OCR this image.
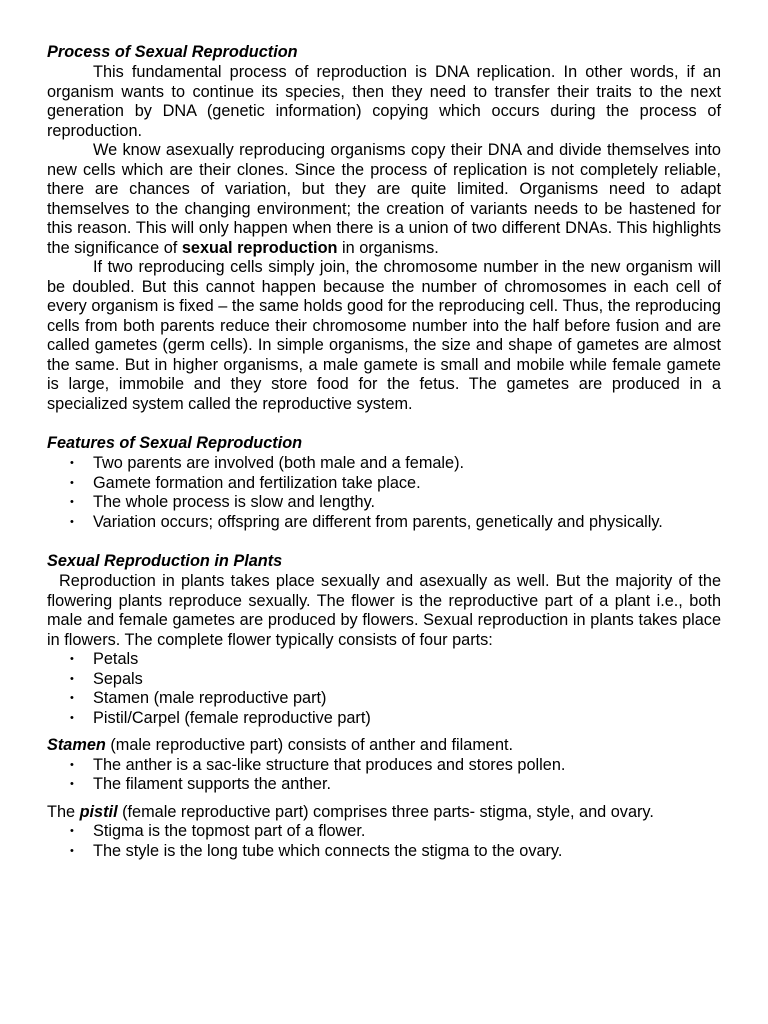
Process of Sexual Reproduction

This fundamental process of reproduction is DNA replication. In other words, if an organism wants to continue its species, then they need to transfer their traits to the next generation by DNA (genetic information) copying which occurs during the process of reproduction.

We know asexually reproducing organisms copy their DNA and divide themselves into new cells which are their clones. Since the process of replication is not completely reliable, there are chances of variation, but they are quite limited. Organisms need to adapt themselves to the changing environment; the creation of variants needs to be hastened for this reason. This will only happen when there is a union of two different DNAs. This highlights the significance of sexual reproduction in organisms.

If two reproducing cells simply join, the chromosome number in the new organism will be doubled. But this cannot happen because the number of chromosomes in each cell of every organism is fixed – the same holds good for the reproducing cell. Thus, the reproducing cells from both parents reduce their chromosome number into the half before fusion and are called gametes (germ cells). In simple organisms, the size and shape of gametes are almost the same. But in higher organisms, a male gamete is small and mobile while female gamete is large, immobile and they store food for the fetus. The gametes are produced in a specialized system called the reproductive system.

Features of Sexual Reproduction
• Two parents are involved (both male and a female).
• Gamete formation and fertilization take place.
• The whole process is slow and lengthy.
• Variation occurs; offspring are different from parents, genetically and physically.
Sexual Reproduction in Plants

Reproduction in plants takes place sexually and asexually as well. But the majority of the flowering plants reproduce sexually. The flower is the reproductive part of a plant i.e., both male and female gametes are produced by flowers. Sexual reproduction in plants takes place in flowers. The complete flower typically consists of four parts:

• Petals
• Sepals
• Stamen (male reproductive part)
• Pistil/Carpel (female reproductive part)

Stamen (male reproductive part) consists of anther and filament.

• The anther is a sac-like structure that produces and stores pollen.
• The filament supports the anther.

The pistil (female reproductive part) comprises three parts- stigma, style, and ovary.

• Stigma is the topmost part of a flower.
• The style is the long tube which connects the stigma to the ovary.
